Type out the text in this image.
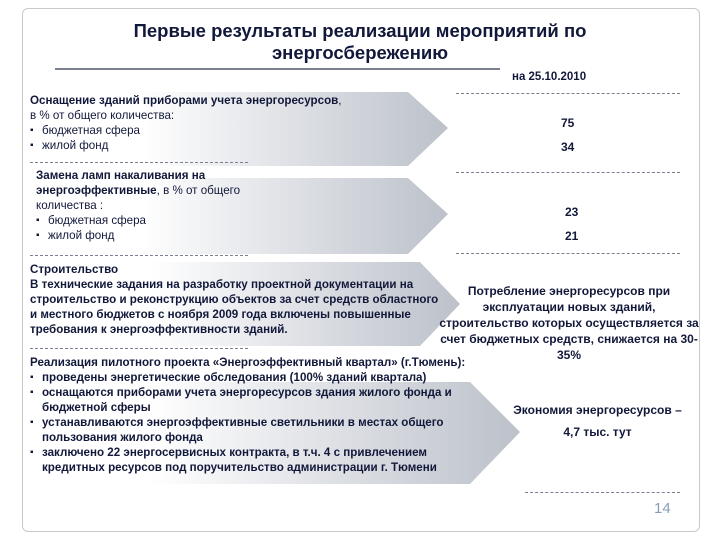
Первые результаты реализации мероприятий по энергосбережению
на 25.10.2010
Оснащение зданий приборами учета энергоресурсов, в % от общего количества:
▪ бюджетная сфера
▪ жилой фонд
75
34
Замена ламп накаливания на энергоэффективные, в % от общего количества :
▪ бюджетная сфера
▪ жилой фонд
23
21
Строительство
В технические задания на разработку проектной документации на строительство и реконструкцию объектов за счет средств областного и местного бюджетов с ноября 2009 года включены повышенные требования к энергоэффективности зданий.
Потребление энергоресурсов при эксплуатации новых зданий, строительство которых осуществляется за счет бюджетных средств, снижается на 30-35%
Реализация пилотного проекта «Энергоэффективный квартал» (г.Тюмень):
▪ проведены энергетические обследования (100% зданий квартала)
▪ оснащаются приборами учета энергоресурсов здания жилого фонда и бюджетной сферы
▪ устанавливаются энергоэффективные светильники в местах общего пользования жилого фонда
▪ заключено 22 энергосервисных контракта, в т.ч. 4 с привлечением кредитных ресурсов под поручительство администрации г. Тюмени
Экономия энергоресурсов –
4,7 тыс. тут
14
